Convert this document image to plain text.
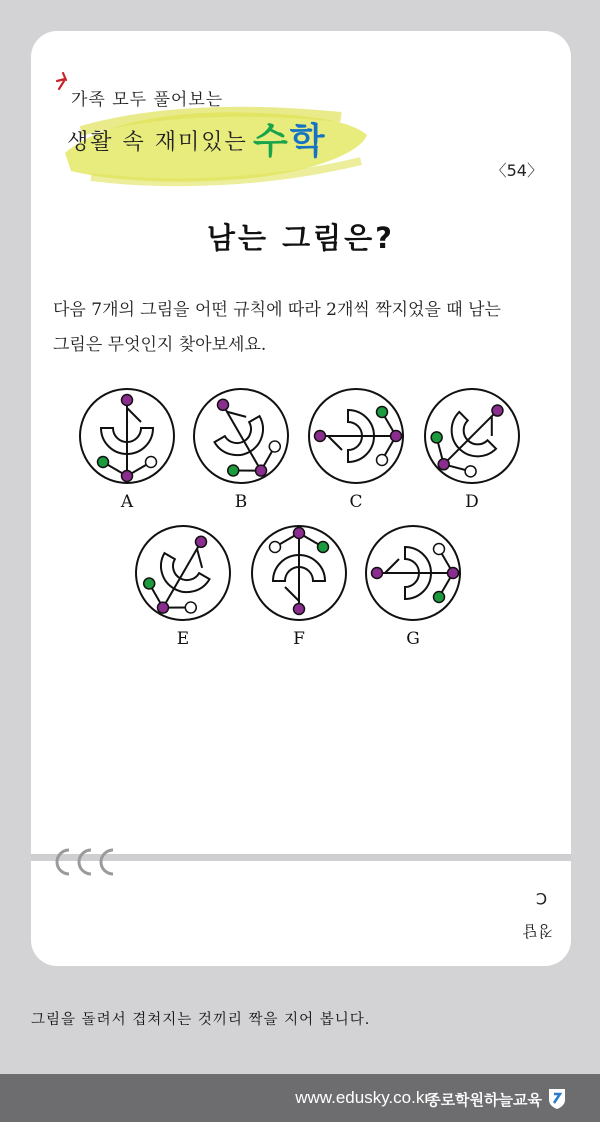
가족 모두 풀어보는
생활 속 재미있는 수학
〈54〉
남는 그림은?

다음 7개의 그림을 어떤 규칙에 따라 2개씩 짝지었을 때 남는

그림은 무엇인지 찾아보세요.

A	B	C	D
E	F	G
C
정답
그림을 돌려서 겹쳐지는 것끼리 짝을 지어 봅니다.
www.edusky.co.kr
종로학원하늘교육
